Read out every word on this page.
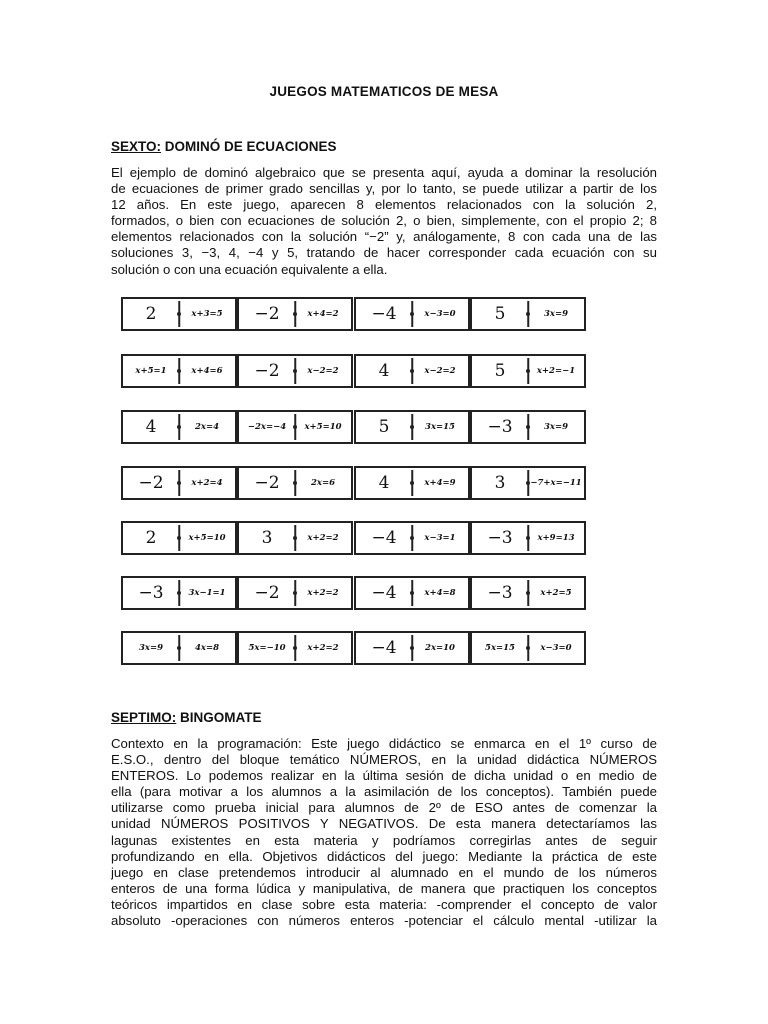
JUEGOS MATEMATICOS DE MESA
SEXTO: DOMINÓ DE ECUACIONES
El ejemplo de dominó algebraico que se presenta aquí, ayuda a dominar la resolución
de ecuaciones de primer grado sencillas y, por lo tanto, se puede utilizar a partir de los
12 años. En este juego, aparecen 8 elementos relacionados con la solución 2,
formados, o bien con ecuaciones de solución 2, o bien, simplemente, con el propio 2; 8
elementos relacionados con la solución “−2” y, análogamente, 8 con cada una de las
soluciones 3, −3, 4, −4 y 5, tratando de hacer corresponder cada ecuación con su
solución o con una ecuación equivalente a ella.
2	x+3=5	−2	x+4=2	−4	x−3=0	5	3x=9
x+5=1	x+4=6	−2	x−2=2	4	x−2=2	5	x+2=−1
4	2x=4	−2x=−4	x+5=10	5	3x=15	−3	3x=9
−2	x+2=4	−2	2x=6	4	x+4=9	3	−7+x=−11
2	x+5=10	3	x+2=2	−4	x−3=1	−3	x+9=13
−3	3x−1=1	−2	x+2=2	−4	x+4=8	−3	x+2=5
3x=9	4x=8	5x=−10	x+2=2	−4	2x=10	5x=15	x−3=0
SEPTIMO: BINGOMATE
Contexto en la programación: Este juego didáctico se enmarca en el 1º curso de
E.S.O., dentro del bloque temático NÚMEROS, en la unidad didáctica NÚMEROS
ENTEROS. Lo podemos realizar en la última sesión de dicha unidad o en medio de
ella (para motivar a los alumnos a la asimilación de los conceptos). También puede
utilizarse como prueba inicial para alumnos de 2º de ESO antes de comenzar la
unidad NÚMEROS POSITIVOS Y NEGATIVOS. De esta manera detectaríamos las
lagunas existentes en esta materia y podríamos corregirlas antes de seguir
profundizando en ella. Objetivos didácticos del juego: Mediante la práctica de este
juego en clase pretendemos introducir al alumnado en el mundo de los números
enteros de una forma lúdica y manipulativa, de manera que practiquen los conceptos
teóricos impartidos en clase sobre esta materia: -comprender el concepto de valor
absoluto -operaciones con números enteros -potenciar el cálculo mental -utilizar la
